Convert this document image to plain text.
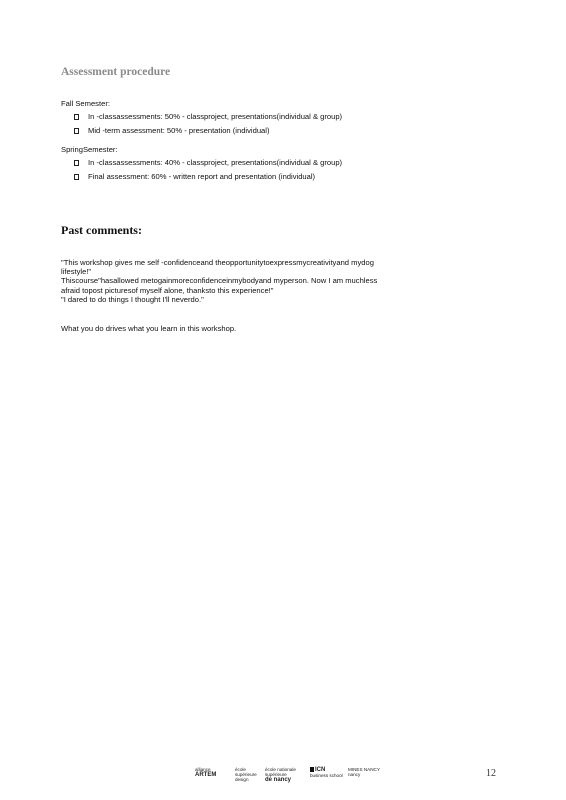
Assessment procedure
Fall Semester:
In -classassessments: 50% - classproject, presentations(individual & group)
Mid -term assessment: 50% - presentation (individual)
SpringSemester:
In -classassessments: 40% - classproject, presentations(individual & group)
Final assessment: 60% - written report and presentation (individual)
Past comments:
"This workshop gives me self -confidenceand theopportunitytoexpressmycreativityand mydog
lifestyle!"
Thiscourse"hasallowed metogainmoreconfidenceinmybodyand myperson. Now I am muchless
afraid topost picturesof myself alone, thanksto this experience!"
"I dared to do things I thought I'll neverdo."
What you do drives what you learn in this workshop.
alliance
ARTEM
école
supérieure
design
école nationale
supérieure
de nancy
ICN
business school
MINES NANCY
nancy	12
